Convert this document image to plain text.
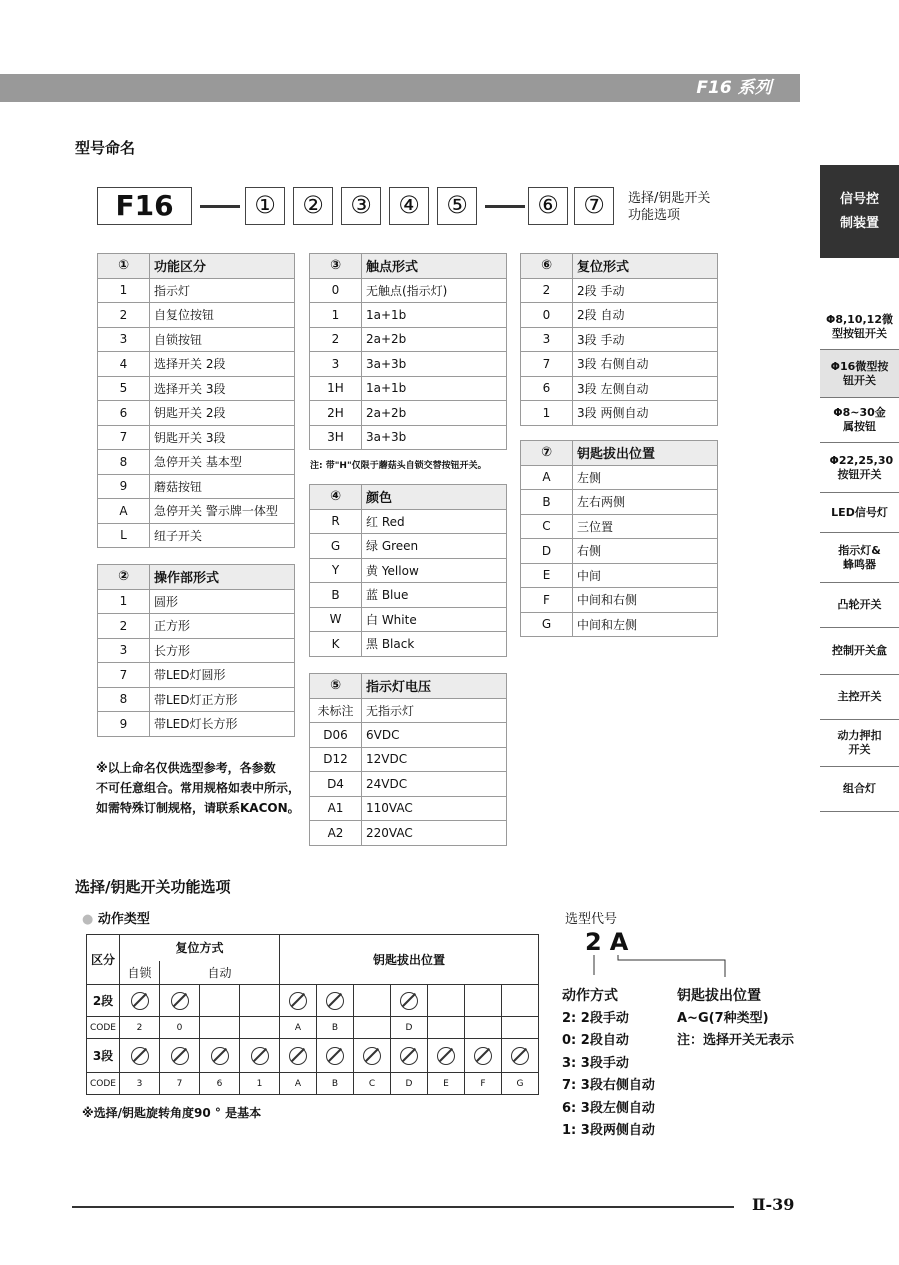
F16 系列
型号命名
F16	①	②	③	④	⑤	⑥	⑦	选择/钥匙开关
功能选项
①	功能区分
1	指示灯
2	自复位按钮
3	自锁按钮
4	选择开关 2段
5	选择开关 3段
6	钥匙开关 2段
7	钥匙开关 3段
8	急停开关 基本型
9	蘑菇按钮
A	急停开关 警示牌一体型
L	纽子开关
②	操作部形式
1	圆形
2	正方形
3	长方形
7	带LED灯圆形
8	带LED灯正方形
9	带LED灯长方形
③	触点形式
0	无触点(指示灯)
1	1a+1b
2	2a+2b
3	3a+3b
1H	1a+1b
2H	2a+2b
3H	3a+3b
注: 带"H"仅限于蘑菇头自锁交替按钮开关。
④	颜色
R	红 Red
G	绿 Green
Y	黄 Yellow
B	蓝 Blue
W	白 White
K	黑 Black
⑤	指示灯电压
未标注	无指示灯
D06	6VDC
D12	12VDC
D4	24VDC
A1	110VAC
A2	220VAC
⑥	复位形式
2	2段 手动
0	2段 自动
3	3段 手动
7	3段 右侧自动
6	3段 左侧自动
1	3段 两侧自动
⑦	钥匙拔出位置
A	左侧
B	左右两侧
C	三位置
D	右侧
E	中间
F	中间和右侧
G	中间和左侧
※以上命名仅供选型参考，各参数
不可任意组合。常用规格如表中所示，
如需特殊订制规格，请联系KACON。
信号控制装置
Φ8,10,12微型按钮开关
Φ16微型按钮开关
Φ8~30金属按钮
Φ22,25,30按钮开关
LED信号灯
指示灯&蜂鸣器
凸轮开关
控制开关盒
主控开关
动力押扣开关
组合灯
选择/钥匙开关功能选项
● 动作类型
区分	复位方式				钥匙拔出位置						
	自锁	自动									
2段											
CODE	2	0			A	B		D			
3段											
CODE	3	7	6	1	A	B	C	D	E	F	G
※选择/钥匙旋转角度90 ° 是基本
选型代号
2A
动作方式
2: 2段手动
0: 2段自动
3: 3段手动
7: 3段右侧自动
6: 3段左侧自动
1: 3段两侧自动
钥匙拔出位置
A~G(7种类型)
注：选择开关无表示
Ⅱ-39
